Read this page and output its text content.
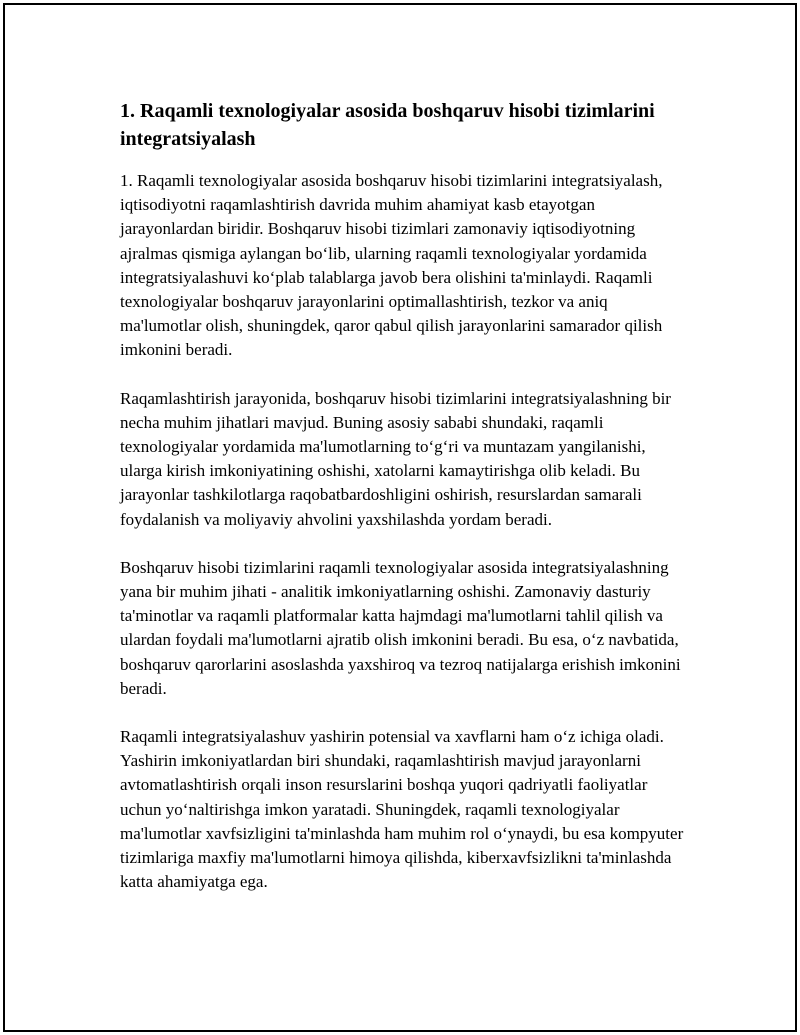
1. Raqamli texnologiyalar asosida boshqaruv hisobi tizimlarini integratsiyalash

1. Raqamli texnologiyalar asosida boshqaruv hisobi tizimlarini integratsiyalash, iqtisodiyotni raqamlashtirish davrida muhim ahamiyat kasb etayotgan jarayonlardan biridir. Boshqaruv hisobi tizimlari zamonaviy iqtisodiyotning ajralmas qismiga aylangan bo‘lib, ularning raqamli texnologiyalar yordamida integratsiyalashuvi ko‘plab talablarga javob bera olishini ta'minlaydi. Raqamli texnologiyalar boshqaruv jarayonlarini optimallashtirish, tezkor va aniq ma'lumotlar olish, shuningdek, qaror qabul qilish jarayonlarini samarador qilish imkonini beradi.

Raqamlashtirish jarayonida, boshqaruv hisobi tizimlarini integratsiyalashning bir necha muhim jihatlari mavjud. Buning asosiy sababi shundaki, raqamli texnologiyalar yordamida ma'lumotlarning to‘g‘ri va muntazam yangilanishi, ularga kirish imkoniyatining oshishi, xatolarni kamaytirishga olib keladi. Bu jarayonlar tashkilotlarga raqobatbardoshligini oshirish, resurslardan samarali foydalanish va moliyaviy ahvolini yaxshilashda yordam beradi.

Boshqaruv hisobi tizimlarini raqamli texnologiyalar asosida integratsiyalashning yana bir muhim jihati - analitik imkoniyatlarning oshishi. Zamonaviy dasturiy ta'minotlar va raqamli platformalar katta hajmdagi ma'lumotlarni tahlil qilish va ulardan foydali ma'lumotlarni ajratib olish imkonini beradi. Bu esa, o‘z navbatida, boshqaruv qarorlarini asoslashda yaxshiroq va tezroq natijalarga erishish imkonini beradi.

Raqamli integratsiyalashuv yashirin potensial va xavflarni ham o‘z ichiga oladi. Yashirin imkoniyatlardan biri shundaki, raqamlashtirish mavjud jarayonlarni avtomatlashtirish orqali inson resurslarini boshqa yuqori qadriyatli faoliyatlar uchun yo‘naltirishga imkon yaratadi. Shuningdek, raqamli texnologiyalar ma'lumotlar xavfsizligini ta'minlashda ham muhim rol o‘ynaydi, bu esa kompyuter tizimlariga maxfiy ma'lumotlarni himoya qilishda, kiberxavfsizlikni ta'minlashda katta ahamiyatga ega.
